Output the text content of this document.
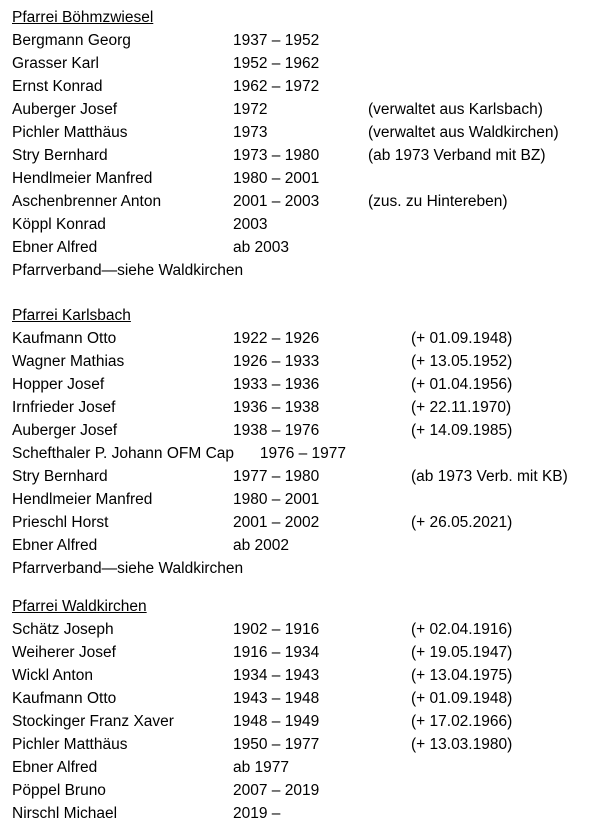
Pfarrei Böhmzwiesel
Bergmann Georg	1937 – 1952
Grasser Karl	1952 – 1962
Ernst Konrad	1962 – 1972
Auberger Josef	1972	(verwaltet aus Karlsbach)
Pichler Matthäus	1973	(verwaltet aus Waldkirchen)
Stry Bernhard	1973 – 1980	(ab 1973 Verband mit BZ)
Hendlmeier Manfred	1980 – 2001
Aschenbrenner Anton	2001 – 2003	(zus. zu Hintereben)
Köppl Konrad	2003
Ebner Alfred	ab 2003
Pfarrverband—siehe Waldkirchen
Pfarrei Karlsbach
Kaufmann Otto	1922 – 1926	(+ 01.09.1948)
Wagner Mathias	1926 – 1933	(+ 13.05.1952)
Hopper Josef	1933 – 1936	(+ 01.04.1956)
Irnfrieder Josef	1936 – 1938	(+ 22.11.1970)
Auberger Josef	1938 – 1976	(+ 14.09.1985)
Schefthaler P. Johann OFM Cap      1976 – 1977
Stry Bernhard	1977 – 1980	(ab 1973 Verb. mit KB)
Hendlmeier Manfred	1980 – 2001
Prieschl Horst	2001 – 2002	(+ 26.05.2021)
Ebner Alfred	ab 2002
Pfarrverband—siehe Waldkirchen
Pfarrei Waldkirchen
Schätz Joseph	1902 – 1916	(+ 02.04.1916)
Weiherer Josef	1916 – 1934	(+ 19.05.1947)
Wickl Anton	1934 – 1943	(+ 13.04.1975)
Kaufmann Otto	1943 – 1948	(+ 01.09.1948)
Stockinger Franz Xaver	1948 – 1949	(+ 17.02.1966)
Pichler Matthäus	1950 – 1977	(+ 13.03.1980)
Ebner Alfred	ab 1977
Pöppel Bruno	2007 – 2019
Nirschl Michael	2019 –
